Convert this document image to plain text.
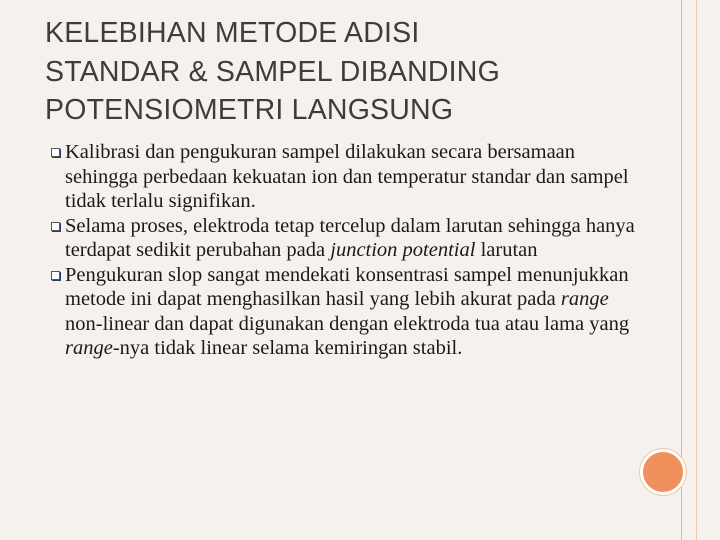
KELEBIHAN METODE ADISI
STANDAR & SAMPEL DIBANDING
POTENSIOMETRI LANGSUNG
Kalibrasi dan pengukuran sampel dilakukan secara bersamaan sehingga perbedaan kekuatan ion dan temperatur standar dan sampel tidak terlalu signifikan.
Selama proses, elektroda tetap tercelup dalam larutan sehingga hanya terdapat sedikit perubahan pada junction potential larutan
Pengukuran slop sangat mendekati konsentrasi sampel menunjukkan metode ini dapat menghasilkan hasil yang lebih akurat pada range non-linear dan dapat digunakan dengan elektroda tua atau lama yang range-nya tidak linear selama kemiringan stabil.
